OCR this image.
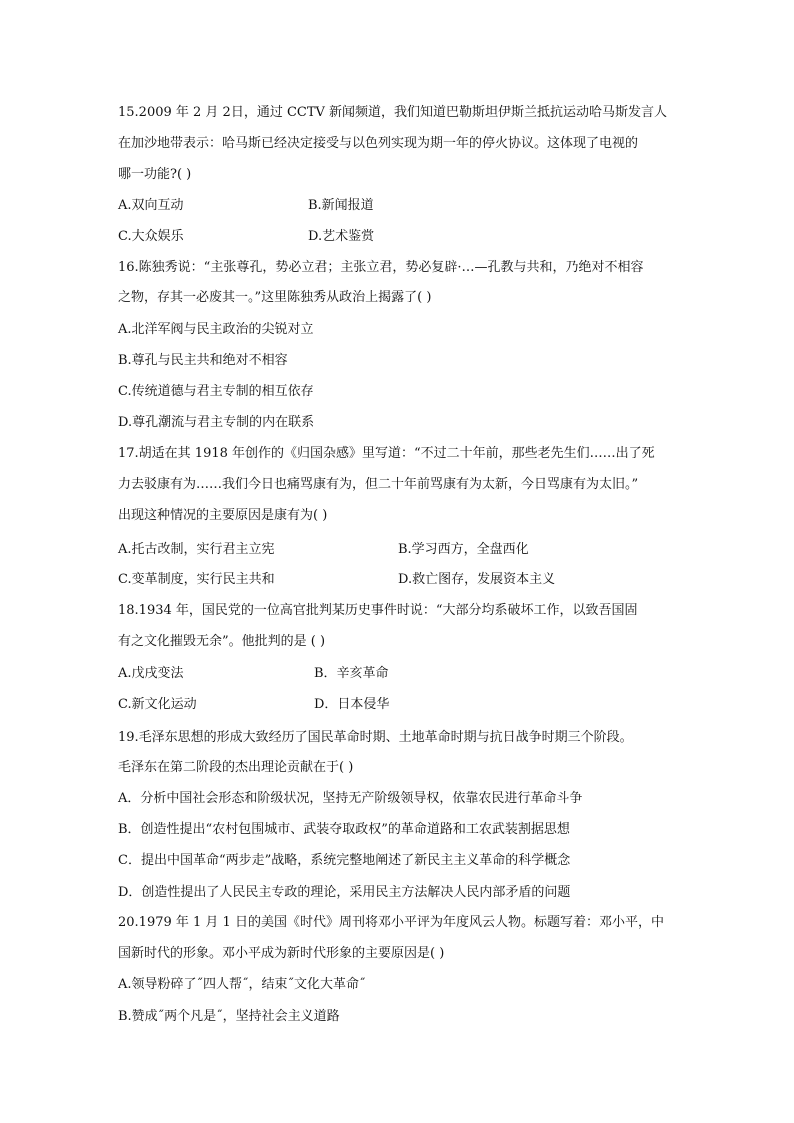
15.2009 年 2 月 2日，通过 CCTV 新闻频道，我们知道巴勒斯坦伊斯兰抵抗运动哈马斯发言人
在加沙地带表示：哈马斯已经决定接受与以色列实现为期一年的停火协议。这体现了电视的
哪一功能?( )
A.双向互动	B.新闻报道
C.大众娱乐	D.艺术鉴赏
16.陈独秀说：“主张尊孔，势必立君；主张立君，势必复辟·…—孔教与共和，乃绝对不相容
之物，存其一必废其一。”这里陈独秀从政治上揭露了( )
A.北洋军阀与民主政治的尖锐对立
B.尊孔与民主共和绝对不相容
C.传统道德与君主专制的相互依存
D.尊孔潮流与君主专制的内在联系
17.胡适在其 1918 年创作的《归国杂感》里写道：“不过二十年前，那些老先生们……出了死
力去驳康有为……我们今日也痛骂康有为，但二十年前骂康有为太新，今日骂康有为太旧。”
出现这种情况的主要原因是康有为( )
A.托古改制，实行君主立宪	B.学习西方，全盘西化
C.变革制度，实行民主共和	D.救亡图存，发展资本主义
18.1934 年，国民党的一位高官批判某历史事件时说：“大部分均系破坏工作，以致吾国固
有之文化摧毁无余”。他批判的是 ( )
A.戊戌变法	B．辛亥革命
C.新文化运动	D．日本侵华
19.毛泽东思想的形成大致经历了国民革命时期、土地革命时期与抗日战争时期三个阶段。
毛泽东在第二阶段的杰出理论贡献在于( )
A．分析中国社会形态和阶级状况，坚持无产阶级领导权，依靠农民进行革命斗争
B．创造性提出“农村包围城市、武装夺取政权”的革命道路和工农武装割据思想
C．提出中国革命“两步走”战略，系统完整地阐述了新民主主义革命的科学概念
D．创造性提出了人民民主专政的理论，采用民主方法解决人民内部矛盾的问题
20.1979 年 1 月 1 日的美国《时代》周刊将邓小平评为年度风云人物。标题写着：邓小平，中
国新时代的形象。邓小平成为新时代形象的主要原因是( )
A.领导粉碎了˝四人帮˝，结束˝文化大革命˝
B.赞成˝两个凡是˝，坚持社会主义道路
